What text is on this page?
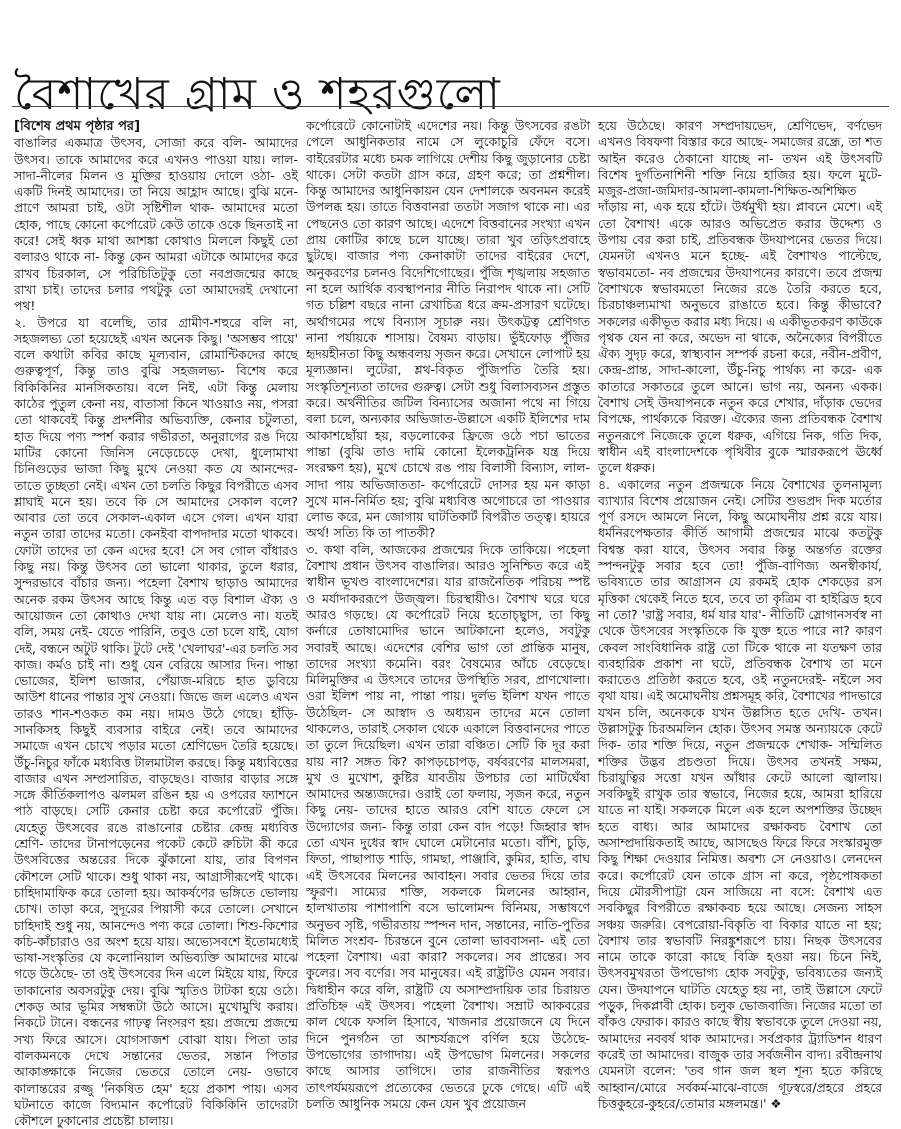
বৈশাখের গ্রাম ও শহরগুলো

[বিশেষ প্রথম পৃষ্ঠার পর]

বাঙালির একমাত্র উৎসব, সোজা করে বলি- আমাদের উৎসব। তাকে আমাদের করে এখনও পাওয়া যায়। লাল-সাদা-নীলের মিলন ও মুক্তির হাওয়ায় দোলে ওঠা- ওই একটি দিনই আমাদের। তা নিয়ে আহ্লাদ আছে। বুঝি মনে-প্রাণে আমরা চাই, ওটা সৃষ্টিশীল থাক- আমাদের মতো হোক, পাছে কোনো কর্পোরেট কেউ তাকে ওকে ছিনতাই না করে! সেই ধ্বক মাথা আশঙ্কা কোথাও মিললে কিছুই তো বলারও থাকে না- কিন্তু কেন আমরা এটাকে আমাদের করে রাখব চিরকাল, সে পরিচিতিটুকু তো নবপ্রজন্মের কাছে রাখা চাই। তাদের চলার পথটুকু তো আমাদেরই দেখানো পথ!

২. উপরে যা বলেছি, তার গ্রামীণ-শহুরে বলি না, সহজলভ্য তো হয়েছেই এখন অনেক কিছু। 'অসম্ভব পায়ে' বলে কথাটা কবির কাছে মূল্যবান, রোমান্টিকদের কাছে গুরুত্বপূর্ণ, কিন্তু তাও বুঝি সহজলভ্য- বিশেষ করে বিকিকিনির মানসিকতায়। বলে নিই, এটা কিন্তু মেলায় কাঠের পুতুল কেনা নয়, বাতাসা কিনে খাওয়াও নয়, পসরা তো থাকবেই কিন্তু প্রদর্শনীর অভিব্যক্তি, কেনার চটুলতা, হাত দিয়ে পণ্য স্পর্শ করার গভীরতা, অনুরাগের রঙ দিয়ে মাটির কোনো জিনিস নেড়েচেড়ে দেখা, ধুলোমাখা চিনিগুড়ের ভাজা কিছু মুখে নেওয়া কত যে আনন্দের- তাতে তুচ্ছতা নেই। এখন তো চলতি কিছুর বিপরীতে এসব শ্লাঘাই মনে হয়। তবে কি সে আমাদের সেকাল বলে? আবার তো তবে সেকাল-একাল এসে গেল। এখন যারা নতুন তারা তাদের মতো। কেনইবা বাপদাদার মতো থাকবে। ফোটা তাদের তা কেন এদের হবে! সে সব গোল বাঁধারও কিছু নয়। কিন্তু উৎসব তো ভালো থাকার, তুলে ধরার, সুন্দরভাবে বাঁচার জন্য। পহেলা বৈশাখ ছাড়াও আমাদের অনেক রকম উৎসব আছে কিন্তু এত বড় বিশাল ঐক্য ও আয়োজন তো কোথাও দেখা যায় না। মেলেও না। যতই বলি, সময় নেই- যেতে পারিনি, তবুও তো চলে যাই, যোগ দেই, বন্ধনে অটুট থাকি। টুটে দেই 'খেলাঘর'-এর চলতি সব কাজ। কর্মও চাই না। শুধু যেন বেরিয়ে আসার দিন। পান্তা ভোজের, ইলিশ ভাজার, পেঁয়াজ-মরিচে হাত ডুবিয়ে আউশ ধানের পান্তার সুখ নেওয়া। জিভে জল এলেও এখন তারও শান-শওকত কম নয়। দামও উঠে গেছে। হাঁড়ি-সানকিসহ কিছুই ব্যবসার বাইরে নেই। তবে আমাদের সমাজে এখন চোখে পড়ার মতো শ্রেণিভেদ তৈরি হয়েছে। উঁচু-নিচুর ফাঁকে মধ্যবিত্ত টালমাটাল করছে। কিন্তু মধ্যবিত্তের বাজার এখন সম্প্রসারিত, বাড়ছেও। বাজার বাড়ার সঙ্গে সঙ্গে কীর্তিকলাপও ঝলমল রঙিন হয় এ ওপরের ফ্যাশনে পাঠ বাড়ছে। সেটি কেনার চেষ্টা করে কর্পোরেট পুঁজি। যেহেতু উৎসবের রঙে রাঙানোর চেষ্টার কেন্দ্র মধ্যবিত্ত শ্রেণি- তাদের টানাপড়েনের পকেট কেটে রুচিটা কী করে উৎসবিত্তের অন্তরের দিকে ঝুঁকানো যায়, তার বিপণন কৌশলে সেটি থাকে। শুধু থাকা নয়, আগ্রাসীরূপেই থাকে। চাহিদামাফিক করে তোলা হয়। আকর্ষণের ভঙ্গিতে ভোলায় চোখ। তাড়া করে, সুদূরের পিয়াসী করে তোলে। সেখানে চাহিদাই শুধু নয়, আনন্দেও পণ্য করে তোলা। শিশু-কিশোর কচি-কাঁচারাও ওর অংশ হয়ে যায়। অভ্যেসবশে ইতোমধ্যেই ভাষা-সংস্কৃতির যে কলোনিয়াল অভিব্যক্তি আমাদের মাঝে গড়ে উঠেছে- তা ওই উৎসবের দিন এলে মিইয়ে যায়, ফিরে তাকানোর অবসরটুকু দেয়। বুঝি স্মৃতিও টাটকা হয়ে ওঠে। শেকড় আর ভূমির সম্বন্ধটা উঠে আসে। মুখোমুখি করায়। নিকটে টানে। বন্ধনের গাঢ়ত্ব নিংসরণ হয়। প্রজন্মে প্রজন্মে সখ্য ফিরে আসে। যোগসাজশ বোঝা যায়। পিতা তার বালকমনকে দেখে সন্তানের ভেতর, সন্তান পিতার আকাঙ্ক্ষাকে নিজের ভেতরে তোলে নেয়- ওভাবে কালান্তরের রজ্জু 'নিকষিত হেম' হয়ে প্রকাশ পায়। এসব ঘটনাতে কাজে বিদ্যমান কর্পোরেট বিকিকিনি তাদেরটা কৌশলে ঢুকানোর প্রচেষ্টা চালায়।

কর্পোরেটে কোনোটাই এদেশের নয়। কিন্তু উৎসবের রঙটা পেলে আধুনিকতার নামে সে লুকোচুরি ফেঁদে বসে। বাইরেরটার মধ্যে চমক লাগিয়ে দেশীয় কিছু জুড়ানোর চেষ্টা থাকে। সেটা কতটা গ্রাস করে, গ্রহণ করে; তা প্রশ্নশীল। কিন্তু আমাদের আধুনিকায়ন যেন দেশালকে অবনমন করেই উপলব্ধ হয়। তাতে বিত্তবানরা ততটা সজাগ থাকে না। এর পেছনেও তো কারণ আছে। এদেশে বিত্তবানের সংখ্যা এখন প্রায় কোটির কাছে চলে যাচ্ছে। তারা খুব তড়িৎপ্রবাহে ছুটছে। বাজার পণ্য কেনাকাটা তাদের বাইরের দেশে, অনুকরণের চলনও বিদেশিগোছের। পুঁজি শৃঙ্খলায় সহজাত না হলে আর্থিক ব্যবস্থাপনার নীতি নিরাপদ থাকে না। সেটি গত চল্লিশ বছরে নানা রেখাচিত্র ধরে ক্রম-প্রসারণ ঘটেছে। অর্থাগমের পথে বিন্যাস সূচারু নয়। উৎকট্টত্ব শ্রেণিগত নানা পর্যায়কে শাসায়। বৈষম্য বাড়ায়। ভুঁইফোড় পুঁজির হৃদয়হীনতা কিছু অন্ধবলয় সৃজন করে। সেখানে লোপাট হয় মূল্যজ্ঞান। লুটেরা, শ্লথ-বিকৃত পুঁজিপতি তৈরি হয়। সংস্কৃতিশূন্যতা তাদের গুরুত্ব। সেটা শুধু বিলাসব্যসন প্রস্তুত করে। অর্থনীতির জটিল বিন্যাসের অজানা পথে না গিয়ে বলা চলে, অন্যকার অভিজাত-উল্লাসে একটি ইলিশের দাম আকাশছোঁয়া হয়, বড়লোকের ফ্রিজে ওঠে পচা ভাতের পান্তা (বুঝি তাও দামি কোনো ইলেকট্রনিক যন্ত্র দিয়ে সংরক্ষণ হয়), মুখে চোখে রঙ পায় বিলাসী বিন্যাস, লাল-সাদা পায় অভিজাততা- কর্পোরেটে দোসর হয় মন কাড়া সুখে মান-নির্মিত হয়; বুঝি মধ্যবিত্ত অগোচরে তা পাওয়ার লোভ করে, মন জোগায় ঘাটতিকার্ট বিপরীত তত্ত্ব। হায়রে অর্থ! সত্যি কি তা পাতকী?

৩. কথা বলি, আজকের প্রজন্মের দিকে তাকিয়ে। পহেলা বৈশাখ প্রধান উৎসব বাঙালির। আরও সুনিশ্চিত করে এই স্বাধীন ভূখণ্ড বাংলাদেশের। যার রাজনৈতিক পরিচয় স্পষ্ট ও মর্যাদাকররূপে উজ্জ্বল। চিরস্থায়ীও। বৈশাখ ঘরে ঘরে আরও গড়ছে। যে কর্পোরেট নিয়ে হতোচ্ছ্বাস, তা কিছু কর্নারে তোষামোদির ভানে আটকানো হলেও, সবটুকু সবারই আছে। এদেশের বেশির ভাগ তো প্রান্তিক মানুষ, তাদের সংখ্যা কমেনি। বরং বৈষম্যের আঁচে বেড়েছে। মিলিমুক্তির এ উৎসবে তাদের উপস্থিতি সরব, প্রাণখোলা। ওরা ইলিশ পায় না, পান্তা পায়। দুর্লভ ইলিশ যখন পাতে উঠেছিল- সে আস্বাদ ও অধ্যয়ন তাদের মনে তোলা থাকলেও, তারাই সেকাল থেকে একালে বিত্তবানদের পাতে তা তুলে দিয়েছিল। এখন তারা বঞ্চিত। সেটি কি দূর করা যায় না? সঙ্গত কি? কাপড়চোপড়, বর্ষবরণের মালসমরা, মুখ ও মুখোশ, কুষ্টির যাবতীয় উপচার তো মাটিঘেঁষা আমাদের অন্ত্যজদের। ওরাই তো ফলায়, সৃজন করে, নতুন কিছু নেয়- তাদের হাতে আরও বেশি যাতে ফেলে সে উদ্যোগের জন্য- কিন্তু তারা কেন বাদ পড়ে! জিহ্বার স্বাদ তো এখন দুধের স্বাদ ঘোলে মেটানোর মতো। বাঁশি, চুড়ি, ফিতা, পাছাপাড় শাড়ি, গামছা, পাঞ্জাবি, কুমির, হাতি, বাঘ এই উৎসবের মিলনের আবাহন। সবার ভেতর দিয়ে তার স্ফুরণ। সাম্যের শক্তি, সকলকে মিলনের আহ্বান, হালখাতায় পাশাপাশি বসে ভালোমন্দ বিনিময়, সম্ভাষণে অনুভব সৃষ্টি, গভীরতায় স্পন্দন দান, সন্তানের, নাতি-পুতির মিলিত সংশ্রব- চিরন্তনে বুনে তোলা ভাববাসনা- এই তো পহেলা বৈশাখ। এরা কারা? সকলের। সব প্রান্তের। সব কুলের। সব বর্ণের। সব মানুষের। এই রাষ্ট্রটিও যেমন সবার। দ্বিধাহীন করে বলি, রাষ্ট্রটি যে অসাম্প্রদায়িক তার চিরায়ত প্রতিচিহ্ন এই উৎসব। পহেলা বৈশাখ। সম্রাট আকবরের কাল থেকে ফসলি হিসাবে, খাজনার প্রয়োজনে যে দিনে দিনে পুনর্গঠন তা আশ্চর্যরূপে বর্ণিল হয়ে উঠেছে- উপভোগের তাগাদায়। এই উপভোগ মিলনের। সকলের কাছে আসার তাগিদে। তার রাজনীতির স্বরূপও তাৎপর্যময়রূপে প্রত্যেকের ভেতরে ঢুকে গেছে। এটি এই চলতি আধুনিক সময়ে কেন যেন খুব প্রয়োজন

হয়ে উঠেছে। কারণ সম্প্রদায়ভেদ, শ্রেণিভেদ, বর্ণভেদ এখনও বিষফণা বিস্তার করে আছে- সমাজের রন্ধ্রে, তা শত আইন করেও ঠেকানো যাচ্ছে না- তখন এই উৎসবটি বিশেষ দুর্গতিনাশিনী শক্তি নিয়ে হাজির হয়। ফলে মুটে-মজুর-প্রজা-জমিদার-আমলা-কামলা-শিক্ষিত-অশিক্ষিত দাঁড়ায় না, এক হয়ে হাঁটে। উর্ধমুখী হয়। প্লাবনে মেশে। এই তো বৈশাখ! একে আরও অভিপ্রেত করার উদ্দেশ্য ও উপায় বের করা চাই, প্রতিবন্ধক উদযাপনের ভেতর দিয়ে। যেমনটা এখনও মনে হচ্ছে- এই বৈশাখও পাল্টেছে, স্বভাবমতো- নব প্রজন্মের উদযাপনের কারণে। তবে প্রজন্ম বৈশাখকে স্বভাবমতো নিজের রঙে তৈরি করতে হবে, চিরচাঞ্চল্যমাখা অনুভবে রাঙাতে হবে। কিন্তু কীভাবে? সকলের একীভূত করার মধ্য দিয়ে। এ একীভূতকরণ কাউকে পৃথক যেন না করে, অভেদ না থাকে, অনৈক্যের বিপরীতে ঐক্য সুদৃঢ় করে, স্বাস্থ্যবান সম্পর্ক রচনা করে, নবীন-প্রবীণ, কেন্দ্র-প্রান্ত, সাদা-কালো, উঁচু-নিচু পার্থক্য না করে- এক কাতারে সকাতরে তুলে আনে। ভাগ নয়, অনন্য একক। বৈশাখ সেই উদযাপনকে নতুন করে শেখার, দাঁড়াক ভেদের বিপক্ষে, পার্থক্যকে বিরক্ত। ঐক্যের জন্য প্রতিবন্ধক বৈশাখ নতুনরূপে নিজেকে তুলে ধরুক, এগিয়ে নিক, গতি দিক, স্বাধীন এই বাংলাদেশকে পৃথিবীর বুকে স্মারকরূপে ঊর্ধ্বে তুলে ধরুক।

৪. একালের নতুন প্রজন্মকে নিয়ে বৈশাখের তুলনামূল্য ব্যাখ্যার বিশেষ প্রয়োজন নেই। সেটির শুভপ্রদ দিক মর্তোর পূর্ণ রসদে আমলে নিলে, কিছু অমোঘনীয় প্রশ্ন রয়ে যায়। ধর্মনিরপেক্ষতার কীর্তি আগামী প্রজন্মের মাঝে কতটুকু বিশ্বস্ত করা যাবে, উৎসব সবার কিন্তু অন্তর্গত রক্তের স্পন্দনটুকু সবার হবে তো! পুঁজি-বাণিজ্য অনস্বীকার্য, ভবিষ্যতে তার আগ্রাসন যে রকমই হোক শেকড়ের রস মৃত্তিকা থেকেই নিতে হবে, তবে তা কৃত্রিম বা হাইব্রিড হবে না তো? 'রাষ্ট্র সবার, ধর্ম যার যার'- নীতিটি স্লোগানসর্বস্ব না থেকে উৎসবের সংস্কৃতিকে কি যুক্ত হতে পারে না? কারণ কেবল সাংবিধানিক রাষ্ট্র তো টিকে থাকে না যতক্ষণ তার ব্যবহারিক প্রকাশ না ঘটে, প্রতিবন্ধক বৈশাখ তা মনে করাতেও প্রতিষ্ঠা করতে হবে, ওই নতুনদেরই- নইলে সব বৃথা যায়। এই অমোঘনীয় প্রশ্নসমূহ করি, বৈশাখের পাদভারে যখন চলি, অনেককে যখন উল্লসিত হতে দেখি- তখন। উল্লাসটুকু চিরঅমলিন হোক। উৎসব সমস্ত অন্যায়কে কেটে দিক- তার শক্তি দিয়ে, নতুন প্রজন্মকে শেখাক- সম্মিলিত শক্তির উদ্ভব প্রচণ্ডতা দিয়ে। উৎসব তখনই সক্ষম, চিরায়ুত্বির সত্তো যখন আঁধার কেটে আলো জ্বালায়। সবকিছুই রাখুক তার স্বভাবে, নিজের হয়ে, আমরা হারিয়ে যাতে না যাই। সকলকে মিলে এক হলে অপশক্তির উচ্ছেদ হতে বাধ্য। আর আমাদের রক্ষাকবচ বৈশাখ তো অসাম্প্রদায়িকতাই আছে, আসছেও ফিরে ফিরে সংস্কারমুক্ত কিছু শিক্ষা দেওয়ার নিমিত্ত। অবশ্য সে নেওয়াও। লেনদেন করে। কর্পোরেট যেন তাকে গ্রাস না করে, পৃষ্ঠপোষকতা দিয়ে মৌরসীপাট্টা যেন সাজিয়ে না বসে: বৈশাখ এত সবকিছুর বিপরীতে রক্ষাকবচ হয়ে আছে। সেজন্য সাহস সঞ্চয় জরুরি। বেপরোয়া-বিকৃতি বা বিকার যাতে না হয়; বৈশাখ তার স্বভাবটি নিরঙ্কুশরূপে চায়। নিছক উৎসবের নামে তাকে কারো কাছে বিক্রি হওয়া নয়। চিনে নিই, উৎসবমুখরতা উপভোগ্য হোক সবটুকু, ভবিষ্যতের জন্যই যেন। উদযাপনে ঘাটতি যেহেতু হয় না, তাই উল্লাসে ফেটে পড়ুক, দিকপ্লাবী হোক। চলুক ভোজবাজি। নিজের মতো তা বাঁকও ফেরাক। কারও কাছে স্বীয় স্বভাবকে তুলে দেওয়া নয়, আমাদের নববর্ষ থাক আমাদের। সর্বপ্রকার ট্র্যাডিশন ধারণ করেই তা আমাদের। বাজুক তার সর্বজনীন বাদ্য। রবীন্দ্রনাথ যেমনটা বলেন: 'তব গান জল স্থল শূন্য হতে করিছে আহ্বান/মোরে সর্বকর্ম-মাঝে-বাজে গূঢ়স্বরে/প্রহরে প্রহরে চিত্তকুহরে-কুহরে/তোমার মঙ্গলমন্ত্র।' ❖
